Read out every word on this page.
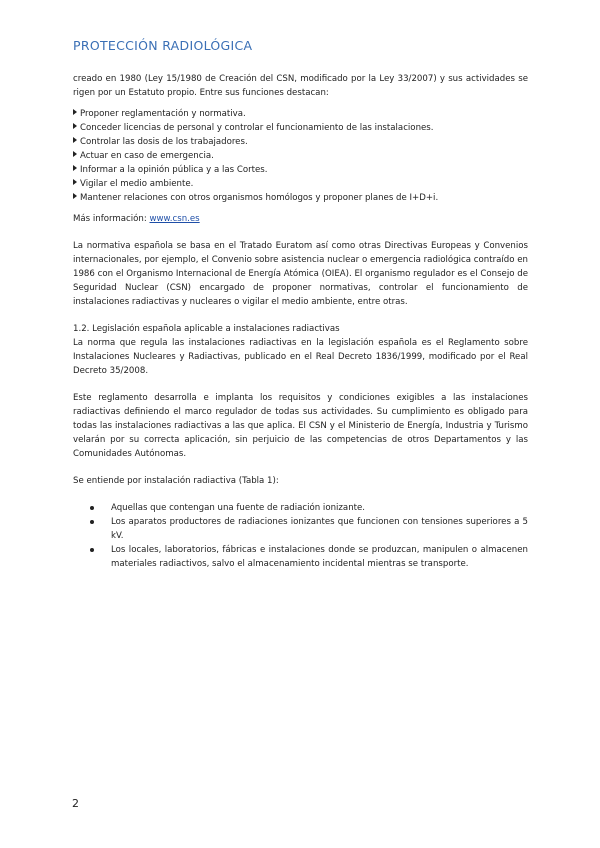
PROTECCIÓN RADIOLÓGICA

creado en 1980 (Ley 15/1980 de Creación del CSN, modificado por la Ley 33/2007) y sus actividades se rigen por un Estatuto propio. Entre sus funciones destacan:

Proponer reglamentación y normativa.
Conceder licencias de personal y controlar el funcionamiento de las instalaciones.
Controlar las dosis de los trabajadores.
Actuar en caso de emergencia.
Informar a la opinión pública y a las Cortes.
Vigilar el medio ambiente.
Mantener relaciones con otros organismos homólogos y proponer planes de I+D+i.

Más información: www.csn.es

La normativa española se basa en el Tratado Euratom así como otras Directivas Europeas y Convenios internacionales, por ejemplo, el Convenio sobre asistencia nuclear o emergencia radiológica contraído en 1986 con el Organismo Internacional de Energía Atómica (OIEA). El organismo regulador es el Consejo de Seguridad Nuclear (CSN) encargado de proponer normativas, controlar el funcionamiento de instalaciones radiactivas y nucleares o vigilar el medio ambiente, entre otras.

1.2. Legislación española aplicable a instalaciones radiactivas

La norma que regula las instalaciones radiactivas en la legislación española es el Reglamento sobre Instalaciones Nucleares y Radiactivas, publicado en el Real Decreto 1836/1999, modificado por el Real Decreto 35/2008.

Este reglamento desarrolla e implanta los requisitos y condiciones exigibles a las instalaciones radiactivas definiendo el marco regulador de todas sus actividades. Su cumplimiento es obligado para todas las instalaciones radiactivas a las que aplica. El CSN y el Ministerio de Energía, Industria y Turismo velarán por su correcta aplicación, sin perjuicio de las competencias de otros Departamentos y las Comunidades Autónomas.

Se entiende por instalación radiactiva (Tabla 1):

Aquellas que contengan una fuente de radiación ionizante.
Los aparatos productores de radiaciones ionizantes que funcionen con tensiones superiores a 5 kV.
Los locales, laboratorios, fábricas e instalaciones donde se produzcan, manipulen o almacenen materiales radiactivos, salvo el almacenamiento incidental mientras se transporte.
2
